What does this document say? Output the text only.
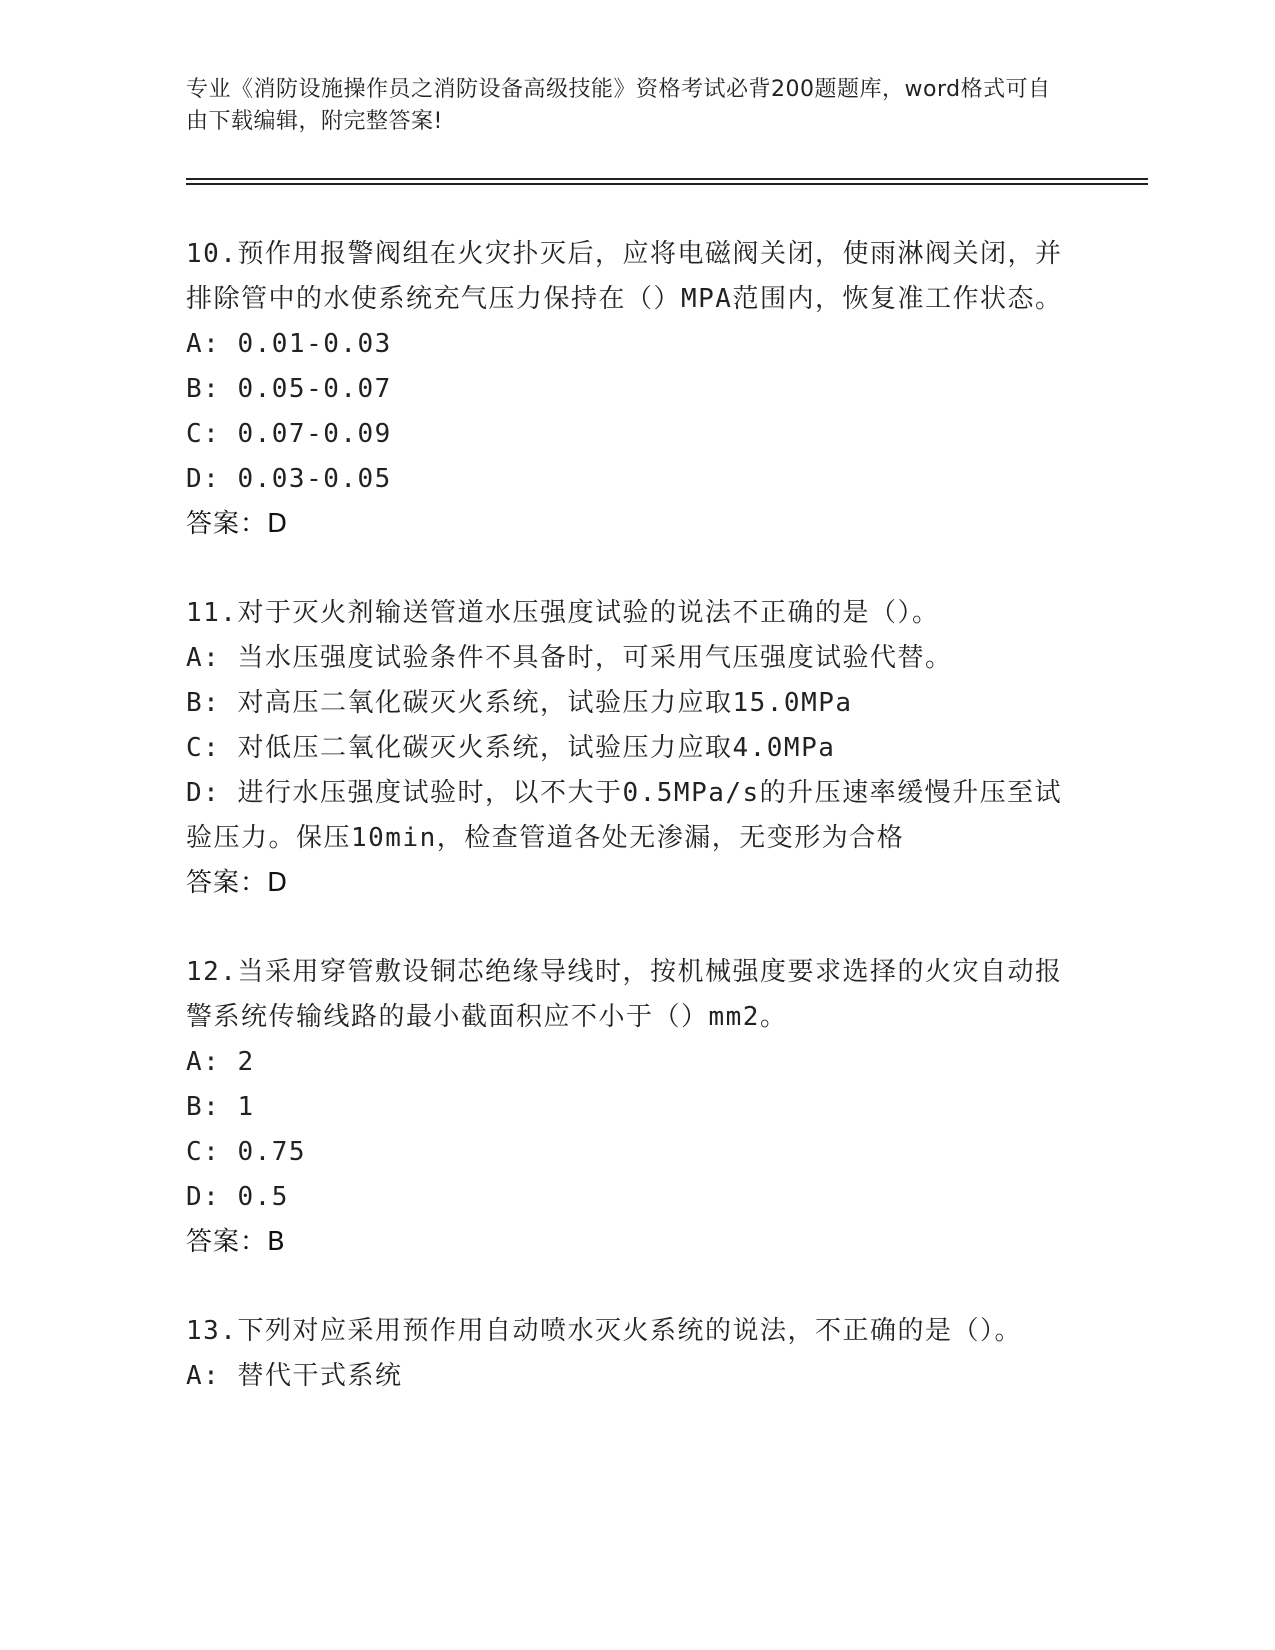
专业《消防设施操作员之消防设备高级技能》资格考试必背200题题库，word格式可自由下载编辑，附完整答案!
10.预作用报警阀组在火灾扑灭后，应将电磁阀关闭，使雨淋阀关闭，并排除管中的水使系统充气压力保持在（）MPA范围内，恢复准工作状态。
A: 0.01-0.03
B: 0.05-0.07
C: 0.07-0.09
D: 0.03-0.05
答案：D
11.对于灭火剂输送管道水压强度试验的说法不正确的是（）。
A: 当水压强度试验条件不具备时，可采用气压强度试验代替。
B: 对高压二氧化碳灭火系统，试验压力应取15.0MPa
C: 对低压二氧化碳灭火系统，试验压力应取4.0MPa
D: 进行水压强度试验时，以不大于0.5MPa/s的升压速率缓慢升压至试验压力。保压10min，检查管道各处无渗漏，无变形为合格
答案：D
12.当采用穿管敷设铜芯绝缘导线时，按机械强度要求选择的火灾自动报警系统传输线路的最小截面积应不小于（）mm2。
A: 2
B: 1
C: 0.75
D: 0.5
答案：B
13.下列对应采用预作用自动喷水灭火系统的说法，不正确的是（）。
A: 替代干式系统
